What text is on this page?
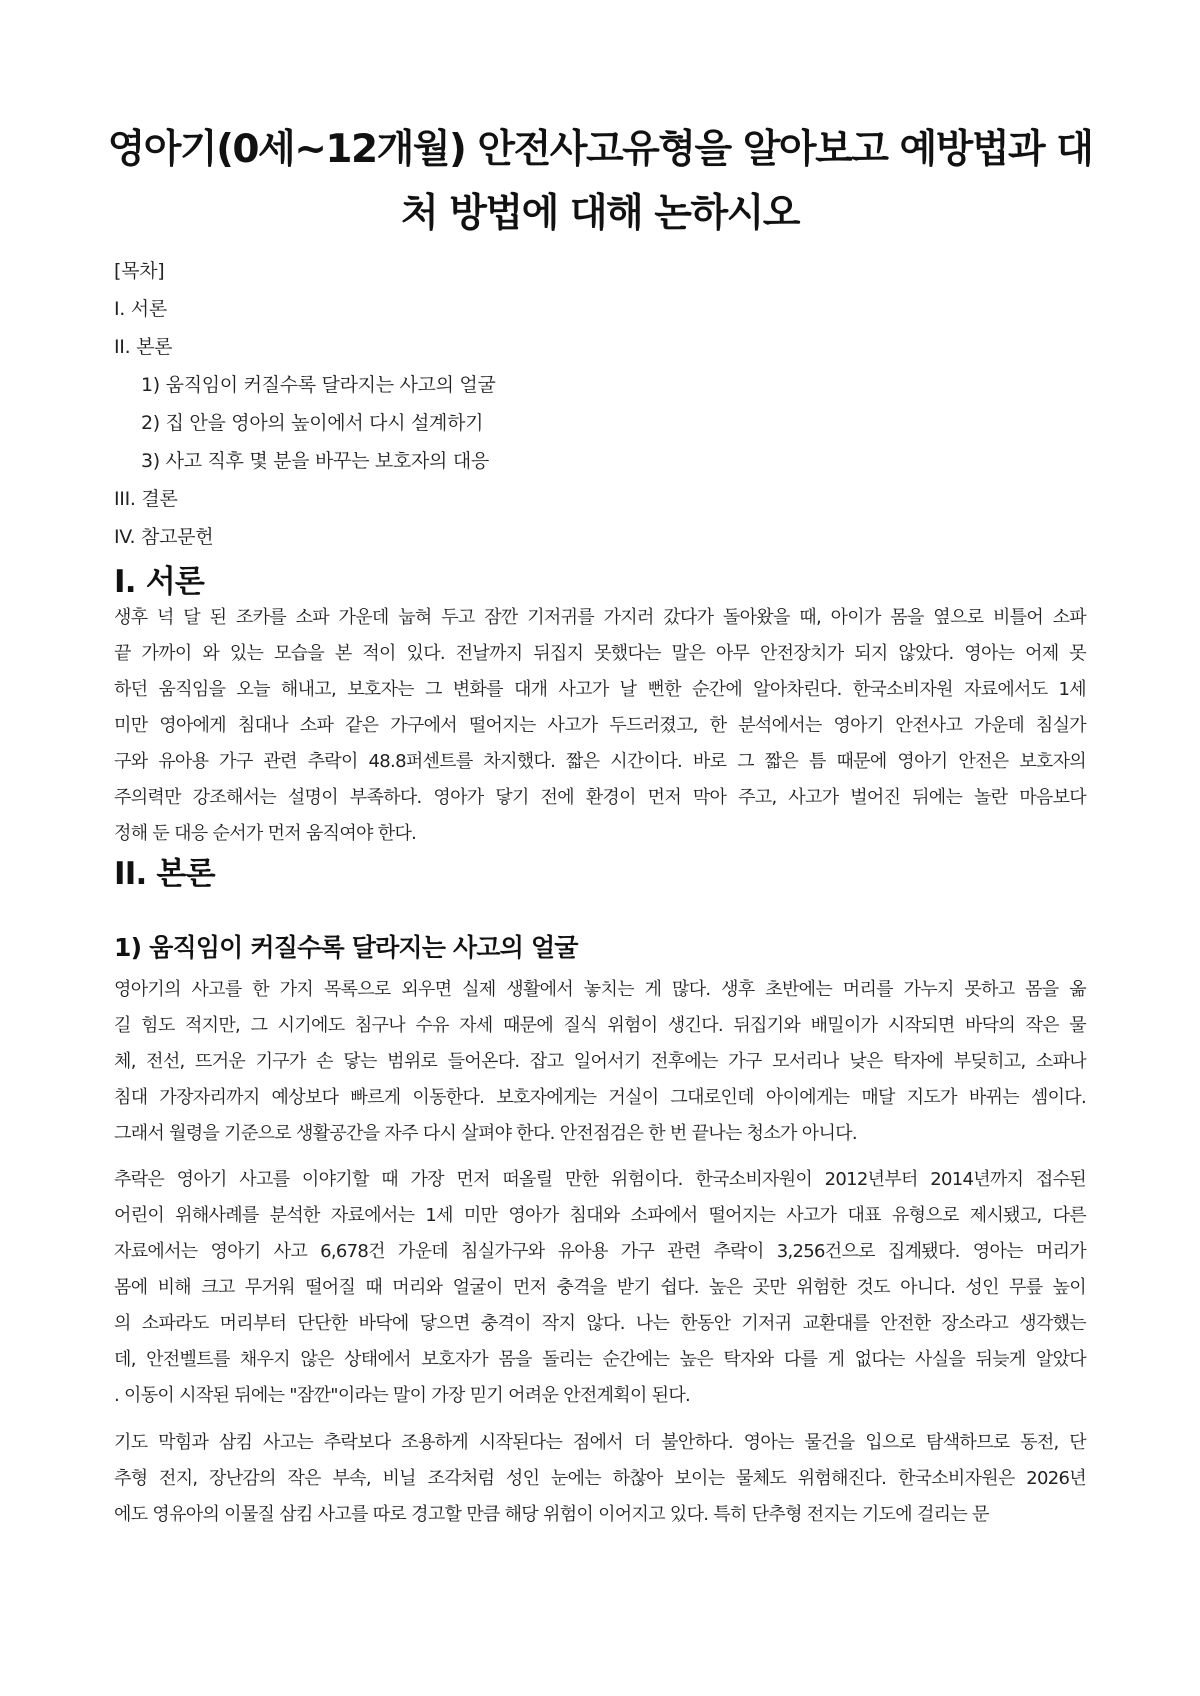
영아기(0세~12개월) 안전사고유형을 알아보고 예방법과 대처 방법에 대해 논하시오
[목차]
I. 서론
II. 본론
1) 움직임이 커질수록 달라지는 사고의 얼굴
2) 집 안을 영아의 높이에서 다시 설계하기
3) 사고 직후 몇 분을 바꾸는 보호자의 대응
III. 결론
IV. 참고문헌
I. 서론
생후 넉 달 된 조카를 소파 가운데 눕혀 두고 잠깐 기저귀를 가지러 갔다가 돌아왔을 때, 아이가 몸을 옆으로 비틀어 소파
끝 가까이 와 있는 모습을 본 적이 있다. 전날까지 뒤집지 못했다는 말은 아무 안전장치가 되지 않았다. 영아는 어제 못
하던 움직임을 오늘 해내고, 보호자는 그 변화를 대개 사고가 날 뻔한 순간에 알아차린다. 한국소비자원 자료에서도 1세
미만 영아에게 침대나 소파 같은 가구에서 떨어지는 사고가 두드러졌고, 한 분석에서는 영아기 안전사고 가운데 침실가
구와 유아용 가구 관련 추락이 48.8퍼센트를 차지했다. 짧은 시간이다. 바로 그 짧은 틈 때문에 영아기 안전은 보호자의
주의력만 강조해서는 설명이 부족하다. 영아가 닿기 전에 환경이 먼저 막아 주고, 사고가 벌어진 뒤에는 놀란 마음보다
정해 둔 대응 순서가 먼저 움직여야 한다.
II. 본론
1) 움직임이 커질수록 달라지는 사고의 얼굴
영아기의 사고를 한 가지 목록으로 외우면 실제 생활에서 놓치는 게 많다. 생후 초반에는 머리를 가누지 못하고 몸을 옮
길 힘도 적지만, 그 시기에도 침구나 수유 자세 때문에 질식 위험이 생긴다. 뒤집기와 배밀이가 시작되면 바닥의 작은 물
체, 전선, 뜨거운 기구가 손 닿는 범위로 들어온다. 잡고 일어서기 전후에는 가구 모서리나 낮은 탁자에 부딪히고, 소파나
침대 가장자리까지 예상보다 빠르게 이동한다. 보호자에게는 거실이 그대로인데 아이에게는 매달 지도가 바뀌는 셈이다.
그래서 월령을 기준으로 생활공간을 자주 다시 살펴야 한다. 안전점검은 한 번 끝나는 청소가 아니다.
추락은 영아기 사고를 이야기할 때 가장 먼저 떠올릴 만한 위험이다. 한국소비자원이 2012년부터 2014년까지 접수된
어린이 위해사례를 분석한 자료에서는 1세 미만 영아가 침대와 소파에서 떨어지는 사고가 대표 유형으로 제시됐고, 다른
자료에서는 영아기 사고 6,678건 가운데 침실가구와 유아용 가구 관련 추락이 3,256건으로 집계됐다. 영아는 머리가
몸에 비해 크고 무거워 떨어질 때 머리와 얼굴이 먼저 충격을 받기 쉽다. 높은 곳만 위험한 것도 아니다. 성인 무릎 높이
의 소파라도 머리부터 단단한 바닥에 닿으면 충격이 작지 않다. 나는 한동안 기저귀 교환대를 안전한 장소라고 생각했는
데, 안전벨트를 채우지 않은 상태에서 보호자가 몸을 돌리는 순간에는 높은 탁자와 다를 게 없다는 사실을 뒤늦게 알았다
. 이동이 시작된 뒤에는 "잠깐"이라는 말이 가장 믿기 어려운 안전계획이 된다.
기도 막힘과 삼킴 사고는 추락보다 조용하게 시작된다는 점에서 더 불안하다. 영아는 물건을 입으로 탐색하므로 동전, 단
추형 전지, 장난감의 작은 부속, 비닐 조각처럼 성인 눈에는 하찮아 보이는 물체도 위험해진다. 한국소비자원은 2026년
에도 영유아의 이물질 삼킴 사고를 따로 경고할 만큼 해당 위험이 이어지고 있다. 특히 단추형 전지는 기도에 걸리는 문
